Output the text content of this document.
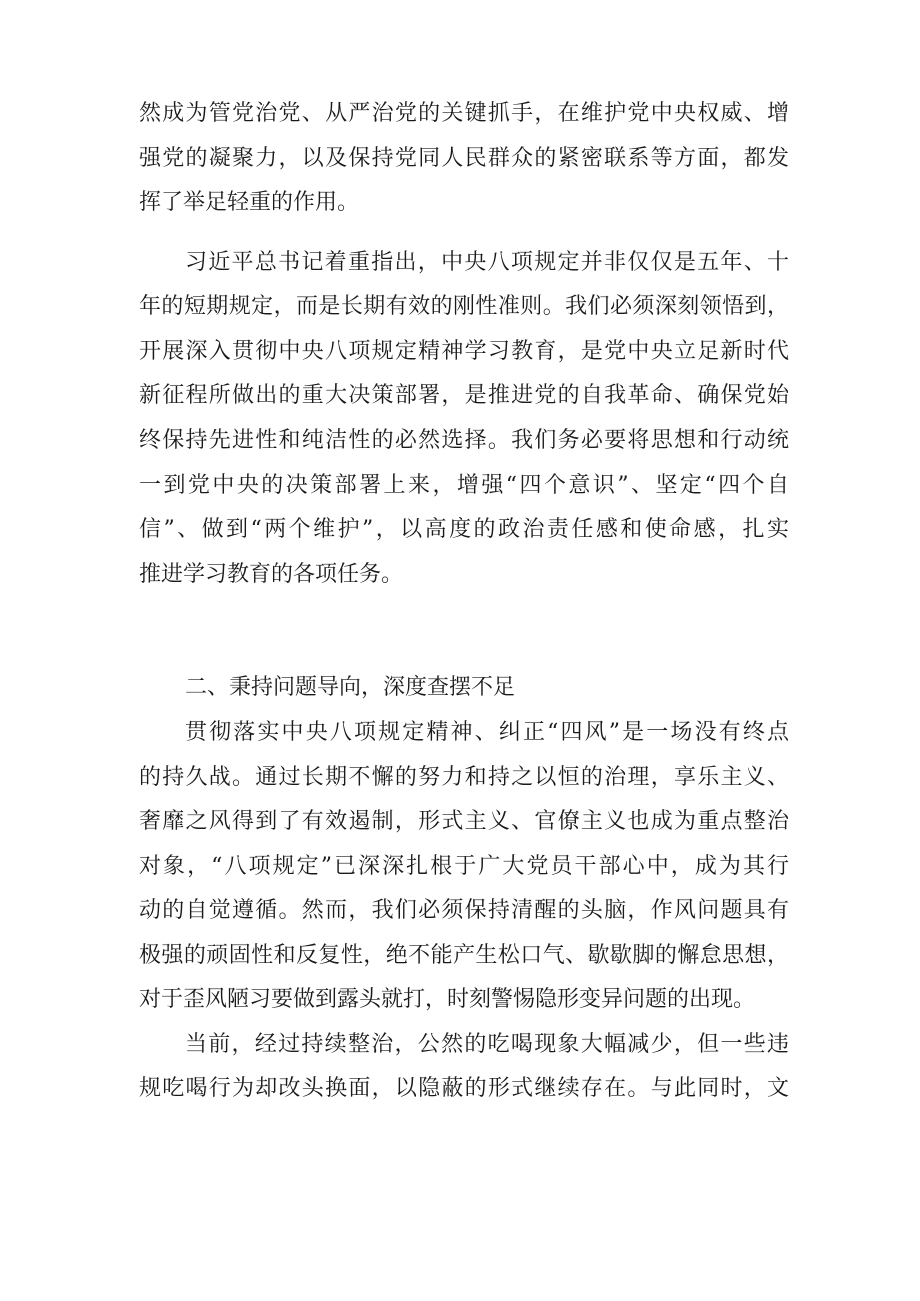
然成为管党治党、从严治党的关键抓手，在维护党中央权威、增
强党的凝聚力，以及保持党同人民群众的紧密联系等方面，都发
挥了举足轻重的作用。
习近平总书记着重指出，中央八项规定并非仅仅是五年、十
年的短期规定，而是长期有效的刚性准则。我们必须深刻领悟到，
开展深入贯彻中央八项规定精神学习教育，是党中央立足新时代
新征程所做出的重大决策部署，是推进党的自我革命、确保党始
终保持先进性和纯洁性的必然选择。我们务必要将思想和行动统
一到党中央的决策部署上来，增强“四个意识”、坚定“四个自
信”、做到“两个维护”，以高度的政治责任感和使命感，扎实
推进学习教育的各项任务。
二、秉持问题导向，深度查摆不足
贯彻落实中央八项规定精神、纠正“四风”是一场没有终点
的持久战。通过长期不懈的努力和持之以恒的治理，享乐主义、
奢靡之风得到了有效遏制，形式主义、官僚主义也成为重点整治
对象，“八项规定”已深深扎根于广大党员干部心中，成为其行
动的自觉遵循。然而，我们必须保持清醒的头脑，作风问题具有
极强的顽固性和反复性，绝不能产生松口气、歇歇脚的懈怠思想，
对于歪风陋习要做到露头就打，时刻警惕隐形变异问题的出现。
当前，经过持续整治，公然的吃喝现象大幅减少，但一些违
规吃喝行为却改头换面，以隐蔽的形式继续存在。与此同时，文
